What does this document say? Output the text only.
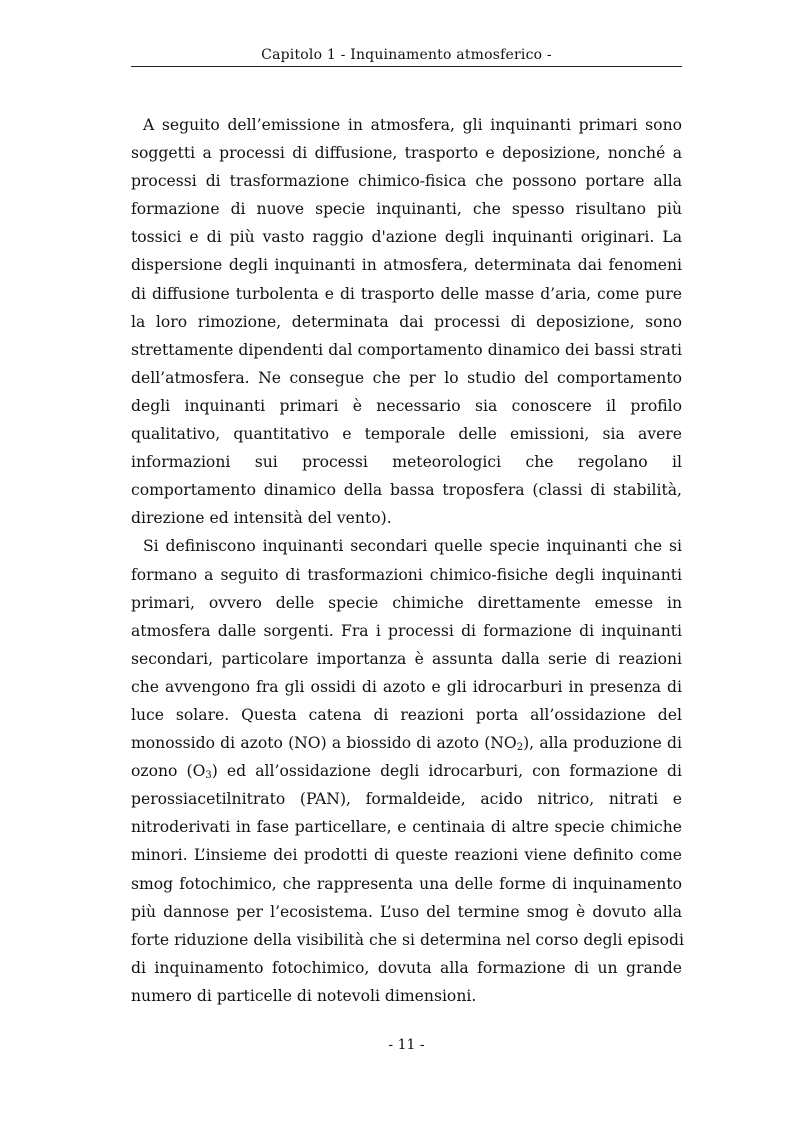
Capitolo 1 - Inquinamento atmosferico -
A seguito dell’emissione in atmosfera, gli inquinanti primari sono
soggetti a processi di diffusione, trasporto e deposizione, nonché a
processi di trasformazione chimico-fisica che possono portare alla
formazione di nuove specie inquinanti, che spesso risultano più
tossici e di più vasto raggio d'azione degli inquinanti originari. La
dispersione degli inquinanti in atmosfera, determinata dai fenomeni
di diffusione turbolenta e di trasporto delle masse d’aria, come pure
la loro rimozione, determinata dai processi di deposizione, sono
strettamente dipendenti dal comportamento dinamico dei bassi strati
dell’atmosfera. Ne consegue che per lo studio del comportamento
degli inquinanti primari è necessario sia conoscere il profilo
qualitativo, quantitativo e temporale delle emissioni, sia avere
informazioni sui processi meteorologici che regolano il
comportamento dinamico della bassa troposfera (classi di stabilità,
direzione ed intensità del vento).
Si definiscono inquinanti secondari quelle specie inquinanti che si
formano a seguito di trasformazioni chimico-fisiche degli inquinanti
primari, ovvero delle specie chimiche direttamente emesse in
atmosfera dalle sorgenti. Fra i processi di formazione di inquinanti
secondari, particolare importanza è assunta dalla serie di reazioni
che avvengono fra gli ossidi di azoto e gli idrocarburi in presenza di
luce solare. Questa catena di reazioni porta all’ossidazione del
monossido di azoto (NO) a biossido di azoto $(NO_2)$, alla produzione di
ozono $(O_3)$ ed all’ossidazione degli idrocarburi, con formazione di
perossiacetilnitrato (PAN), formaldeide, acido nitrico, nitrati e
nitroderivati in fase particellare, e centinaia di altre specie chimiche
minori. L’insieme dei prodotti di queste reazioni viene definito come
smog fotochimico, che rappresenta una delle forme di inquinamento
più dannose per l’ecosistema. L’uso del termine smog è dovuto alla
forte riduzione della visibilità che si determina nel corso degli episodi
di inquinamento fotochimico, dovuta alla formazione di un grande
numero di particelle di notevoli dimensioni.
- 11 -
